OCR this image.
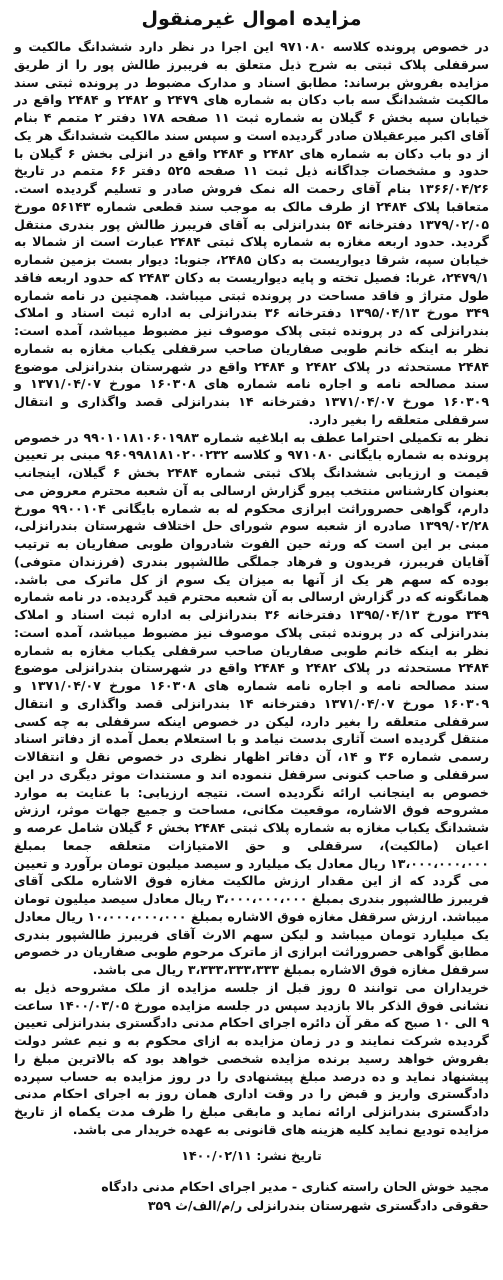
مزایده اموال غیرمنقول
در خصوص پرونده کلاسه ۹۷۱۰۸۰ این اجرا در نظر دارد ششدانگ مالکیت و سرقفلی پلاک ثبتی به شرح ذیل متعلق به فریبرز طالش پور را از طریق مزایده بفروش برساند: مطابق اسناد و مدارک مضبوط در پرونده ثبتی سند مالکیت ششدانگ سه باب دکان به شماره های ۲۴۷۹ و ۲۴۸۲ و ۲۴۸۴ واقع در خیابان سپه بخش ۶ گیلان به شماره ثبت ۱۱ صفحه ۱۷۸ دفتر ۲ متمم ۴ بنام آقای اکبر میرعقیلان صادر گردیده است و سپس سند مالکیت ششدانگ هر یک از دو باب دکان به شماره های ۲۴۸۲ و ۲۴۸۴ واقع در انزلی بخش ۶ گیلان با حدود و مشخصات جداگانه ذیل ثبت ۱۱ صفحه ۵۲۵ دفتر ۶۶ متمم در تاریخ ۱۳۶۶/۰۴/۲۶ بنام آقای رحمت اله نمک فروش صادر و تسلیم گردیده است. متعاقبا پلاک ۲۴۸۴ از طرف مالک به موجب سند قطعی شماره ۵۶۱۴۳ مورخ ۱۳۷۹/۰۲/۰۵ دفترخانه ۵۴ بندرانزلی به آقای فریبرز طالش پور بندری منتقل گردید. حدود اربعه مغازه به شماره پلاک ثبتی ۲۴۸۴ عبارت است از شمالا به خیابان سپه، شرقا دیواریست به دکان ۲۴۸۵، جنوبا: دیوار بست بزمین شماره ۲۴۷۹/۱، غربا: فصیل تخته و پایه دیواریست به دکان ۲۴۸۳ که حدود اربعه فاقد طول متراژ و فاقد مساحت در پرونده ثبتی میباشد. همچنین در نامه شماره ۳۴۹ مورخ ۱۳۹۵/۰۴/۱۳ دفترخانه ۳۶ بندرانزلی به اداره ثبت اسناد و املاک بندرانزلی که در پرونده ثبتی پلاک موصوف نیز مضبوط میباشد، آمده است: نظر به اینکه خانم طوبی صفاریان صاحب سرقفلی یکباب مغازه به شماره ۲۴۸۴ مستحدثه در پلاک ۲۴۸۲ و ۲۴۸۴ واقع در شهرستان بندرانزلی موضوع سند مصالحه نامه و اجاره نامه شماره های ۱۶۰۳۰۸ مورخ ۱۳۷۱/۰۴/۰۷ و ۱۶۰۳۰۹ مورخ ۱۳۷۱/۰۴/۰۷ دفترخانه ۱۴ بندرانزلی قصد واگذاری و انتقال سرقفلی متعلقه را بغیر دارد.
نظر به تکمیلی احتراما عطف به ابلاغیه شماره ۹۹۰۱۰۱۸۱۰۶۰۱۹۸۳ در خصوص پرونده به شماره بایگانی ۹۷۱۰۸۰ و کلاسه ۹۶۰۹۹۸۱۸۱۰۲۰۰۲۳۲ مبنی بر تعیین قیمت و ارزیابی ششدانگ پلاک ثبتی شماره ۲۴۸۴ بخش ۶ گیلان، اینجانب بعنوان کارشناس منتخب پیرو گزارش ارسالی به آن شعبه محترم معروض می دارم، گواهی حصروراثت ابرازی محکوم له به شماره بایگانی ۹۹۰۰۱۰۴ مورخ ۱۳۹۹/۰۲/۲۸ صادره از شعبه سوم شورای حل اختلاف شهرستان بندرانزلی، مبنی بر این است که ورثه حین الفوت شادروان طوبی صفاریان به ترتیب آقایان فریبرز، فریدون و فرهاد جملگی طالشپور بندری (فرزندان متوفی) بوده که سهم هر یک از آنها به میزان یک سوم از کل ماترک می باشد. همانگونه که در گزارش ارسالی به آن شعبه محترم قید گردیده. در نامه شماره ۳۴۹ مورخ ۱۳۹۵/۰۴/۱۳ دفترخانه ۳۶ بندرانزلی به اداره ثبت اسناد و املاک بندرانزلی که در پرونده ثبتی پلاک موصوف نیز مضبوط میباشد، آمده است: نظر به اینکه خانم طوبی صفاریان صاحب سرقفلی یکباب مغازه به شماره ۲۴۸۴ مستحدثه در پلاک ۲۴۸۲ و ۲۴۸۴ واقع در شهرستان بندرانزلی موضوع سند مصالحه نامه و اجاره نامه شماره های ۱۶۰۳۰۸ مورخ ۱۳۷۱/۰۴/۰۷ و ۱۶۰۳۰۹ مورخ ۱۳۷۱/۰۴/۰۷ دفترخانه ۱۴ بندرانزلی قصد واگذاری و انتقال سرقفلی متعلقه را بغیر دارد، لیکن در خصوص اینکه سرقفلی به چه کسی منتقل گردیده است آثاری بدست نیامد و با استعلام بعمل آمده از دفاتر اسناد رسمی شماره ۳۶ و ۱۴، آن دفاتر اظهار نظری در خصوص نقل و انتقالات سرقفلی و صاحب کنونی سرقفل ننموده اند و مستندات موثر دیگری در این خصوص به اینجانب ارائه نگردیده است. نتیجه ارزیابی: با عنایت به موارد مشروحه فوق الاشاره، موقعیت مکانی، مساحت و جمیع جهات موثر، ارزش ششدانگ یکباب مغازه به شماره پلاک ثبتی ۲۴۸۴ بخش ۶ گیلان شامل عرصه و اعیان (مالکیت)، سرقفلی و حق الامتیازات متعلقه جمعا بمبلغ ۱۳،۰۰۰،۰۰۰،۰۰۰ ریال معادل یک میلیارد و سیصد میلیون تومان برآورد و تعیین می گردد که از این مقدار ارزش مالکیت مغازه فوق الاشاره ملکی آقای فریبرز طالشپور بندری بمبلغ ۳،۰۰۰،۰۰۰،۰۰۰ ریال معادل سیصد میلیون تومان میباشد. ارزش سرقفل مغازه فوق الاشاره بمبلغ ۱۰،۰۰۰،۰۰۰،۰۰۰ ریال معادل یک میلیارد تومان میباشد و لیکن سهم الارث آقای فریبرز طالشپور بندری مطابق گواهی حصروراثت ابرازی از ماترک مرحوم طوبی صفاریان در خصوص سرقفل مغازه فوق الاشاره بمبلغ ۳،۳۳۳،۳۳۳،۳۳۳ ریال می باشد.
خریداران می توانند ۵ روز قبل از جلسه مزایده از ملک مشروحه ذیل به نشانی فوق الذکر بالا بازدید سپس در جلسه مزایده مورخ ۱۴۰۰/۰۳/۰۵ ساعت ۹ الی ۱۰ صبح که مقر آن دائره اجرای احکام مدنی دادگستری بندرانزلی تعیین گردیده شرکت نمایند و در زمان مزایده به ازای محکوم به و نیم عشر دولت بفروش خواهد رسید برنده مزایده شخصی خواهد بود که بالاترین مبلغ را پیشنهاد نماید و ده درصد مبلغ پیشنهادی را در روز مزایده به حساب سپرده دادگستری واریز و قبض را در وقت اداری همان روز به اجرای احکام مدنی دادگستری بندرانزلی ارائه نماید و مابقی مبلغ را ظرف مدت یکماه از تاریخ مزایده تودیع نماید کلیه هزینه های قانونی به عهده خریدار می باشد.
تاریخ نشر: ۱۴۰۰/۰۲/۱۱
مجید خوش الحان راسته کناری - مدیر اجرای احکام مدنی دادگاه
حقوقی دادگستری شهرستان بندرانزلی ر/م/الف/ث ۳۵۹
